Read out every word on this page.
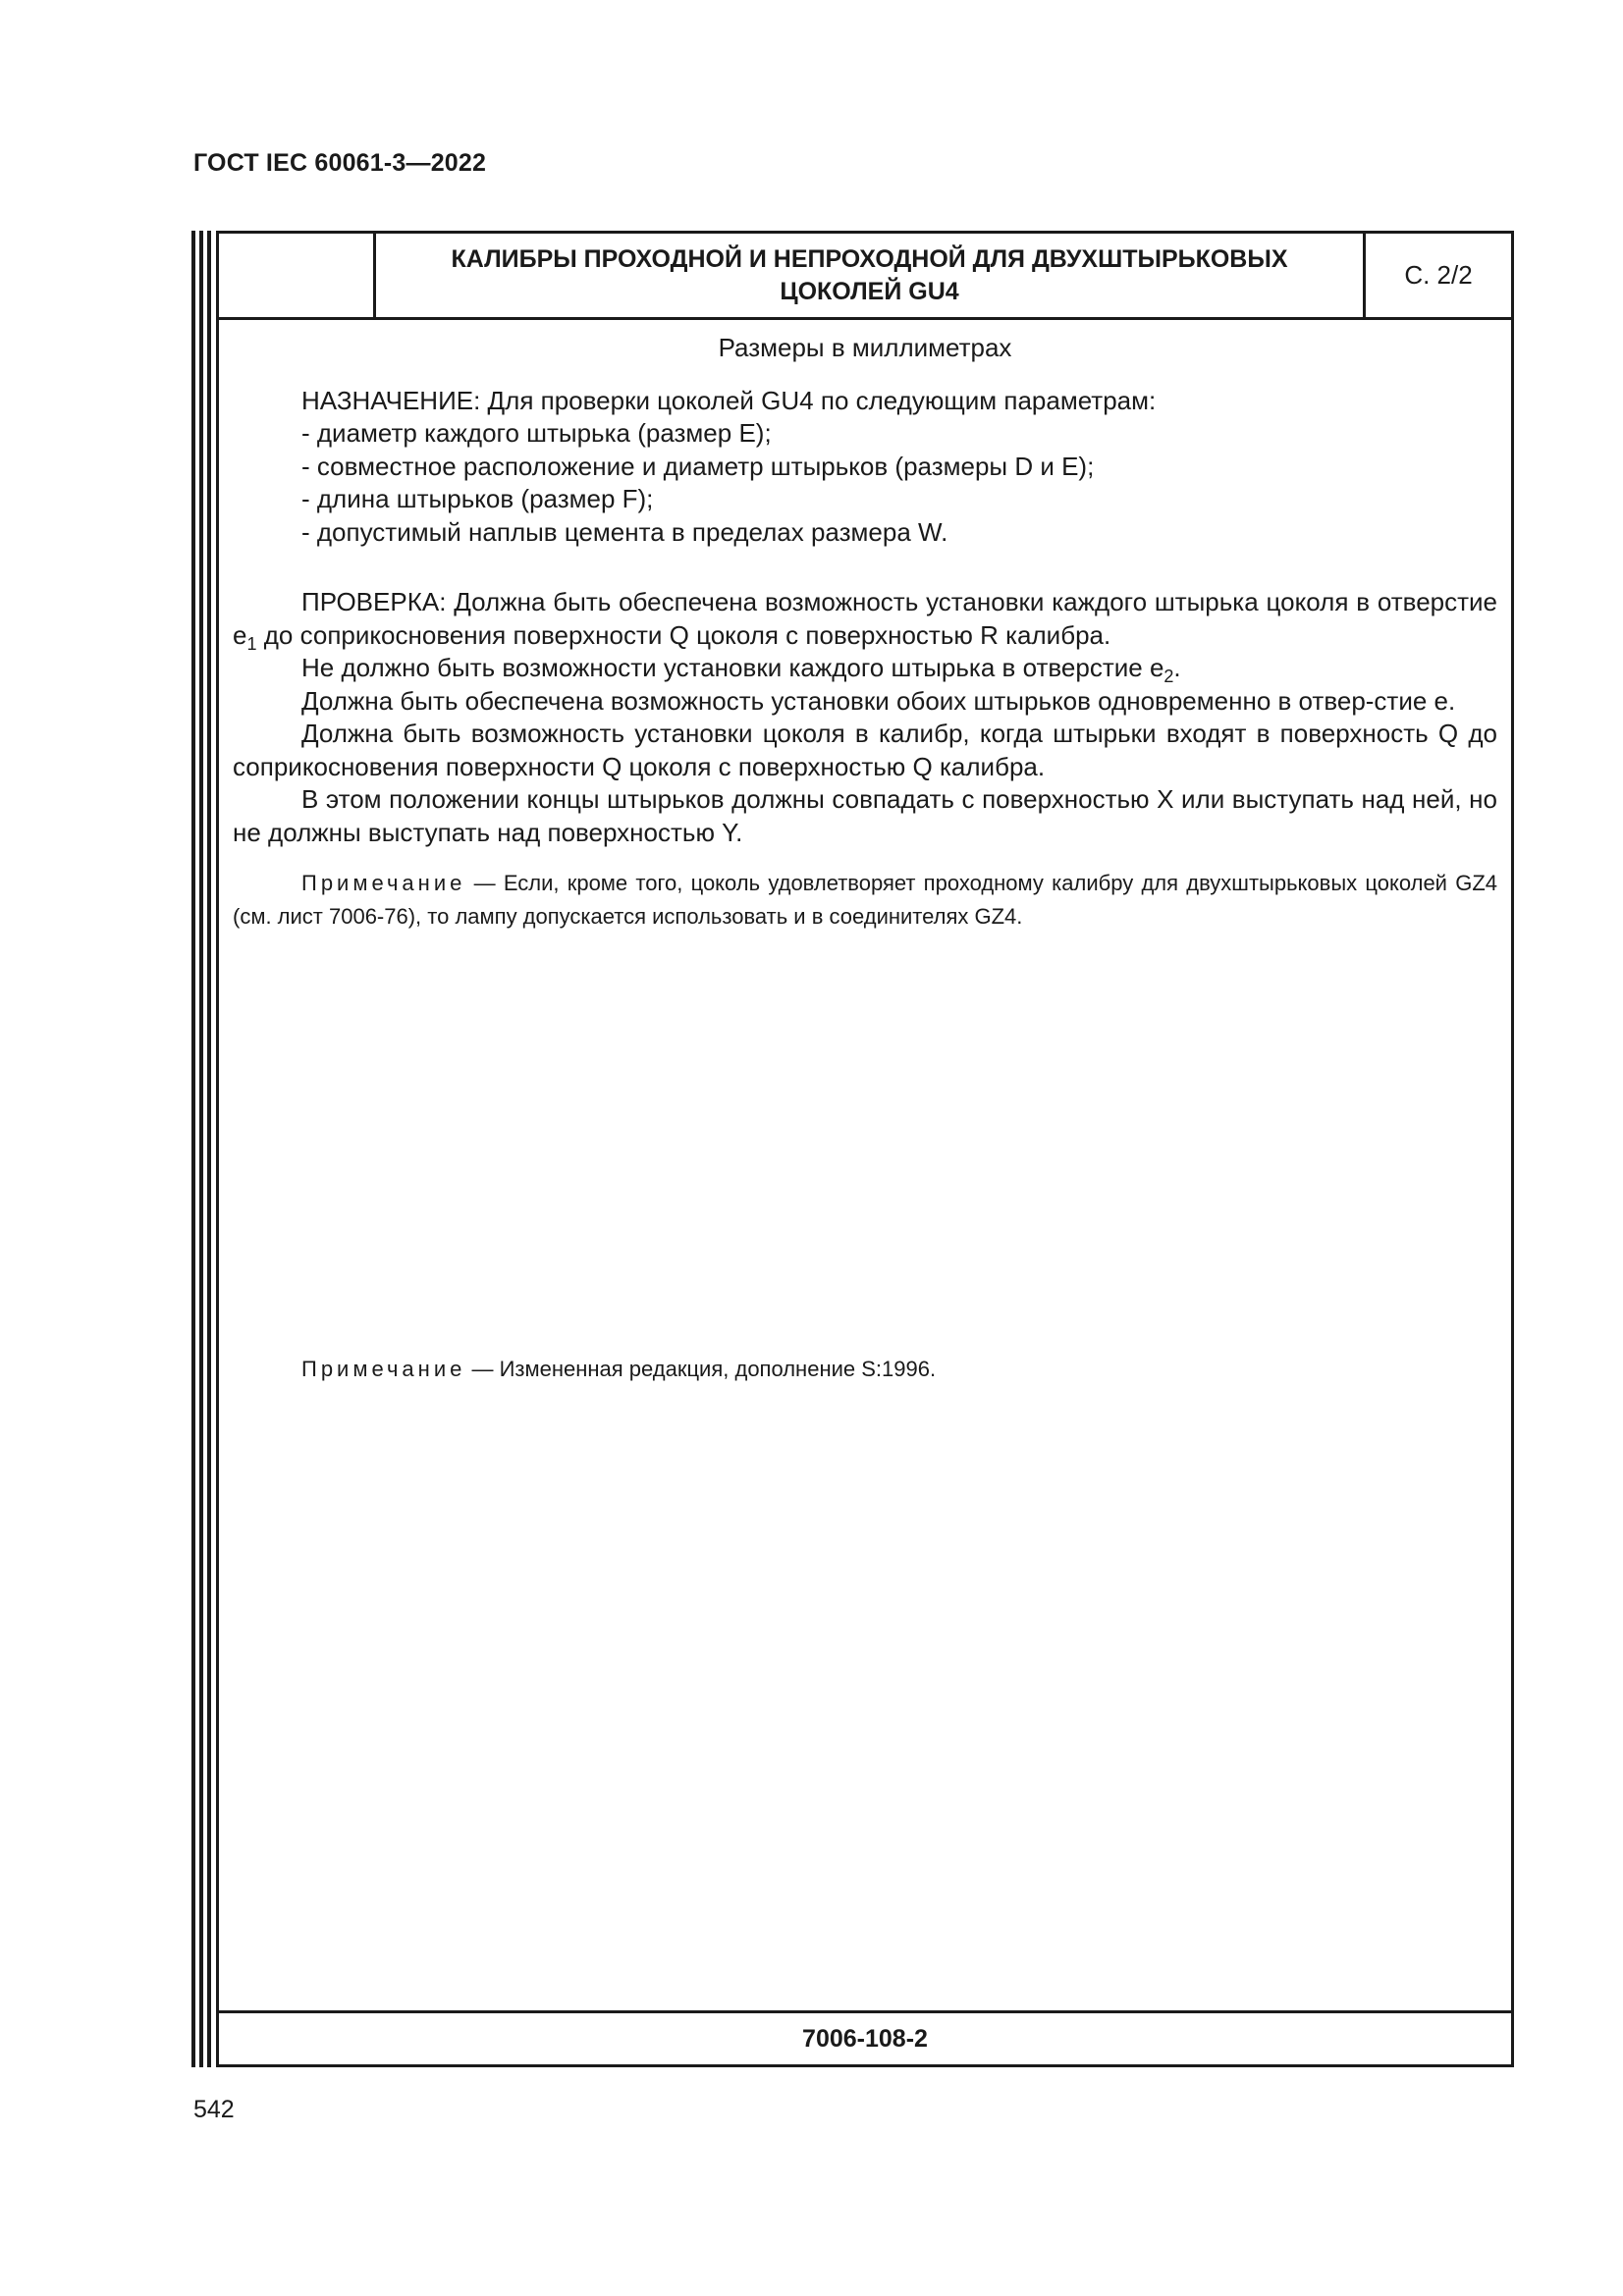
ГОСТ IEC 60061-3—2022
КАЛИБРЫ ПРОХОДНОЙ И НЕПРОХОДНОЙ ДЛЯ ДВУХШТЫРЬКОВЫХ
ЦОКОЛЕЙ GU4
С. 2/2
Размеры в миллиметрах

НАЗНАЧЕНИЕ: Для проверки цоколей GU4 по следующим параметрам:

- диаметр каждого штырька (размер E);

- совместное расположение и диаметр штырьков (размеры D и E);

- длина штырьков (размер F);

- допустимый наплыв цемента в пределах размера W.

ПРОВЕРКА: Должна быть обеспечена возможность установки каждого штырька цоколя в отверстие $e_1$ до соприкосновения поверхности Q цоколя с поверхностью R калибра.

Не должно быть возможности установки каждого штырька в отверстие $e_2$.

Должна быть обеспечена возможность установки обоих штырьков одновременно в отвер-стие e.

Должна быть возможность установки цоколя в калибр, когда штырьки входят в поверхность Q до соприкосновения поверхности Q цоколя с поверхностью Q калибра.

В этом положении концы штырьков должны совпадать с поверхностью X или выступать над ней, но не должны выступать над поверхностью Y.

Примечание — Если, кроме того, цоколь удовлетворяет проходному калибру для двухштырьковых цоколей GZ4 (см. лист 7006-76), то лампу допускается использовать и в соединителях GZ4.

Примечание — Измененная редакция, дополнение S:1996.
7006-108-2
542
